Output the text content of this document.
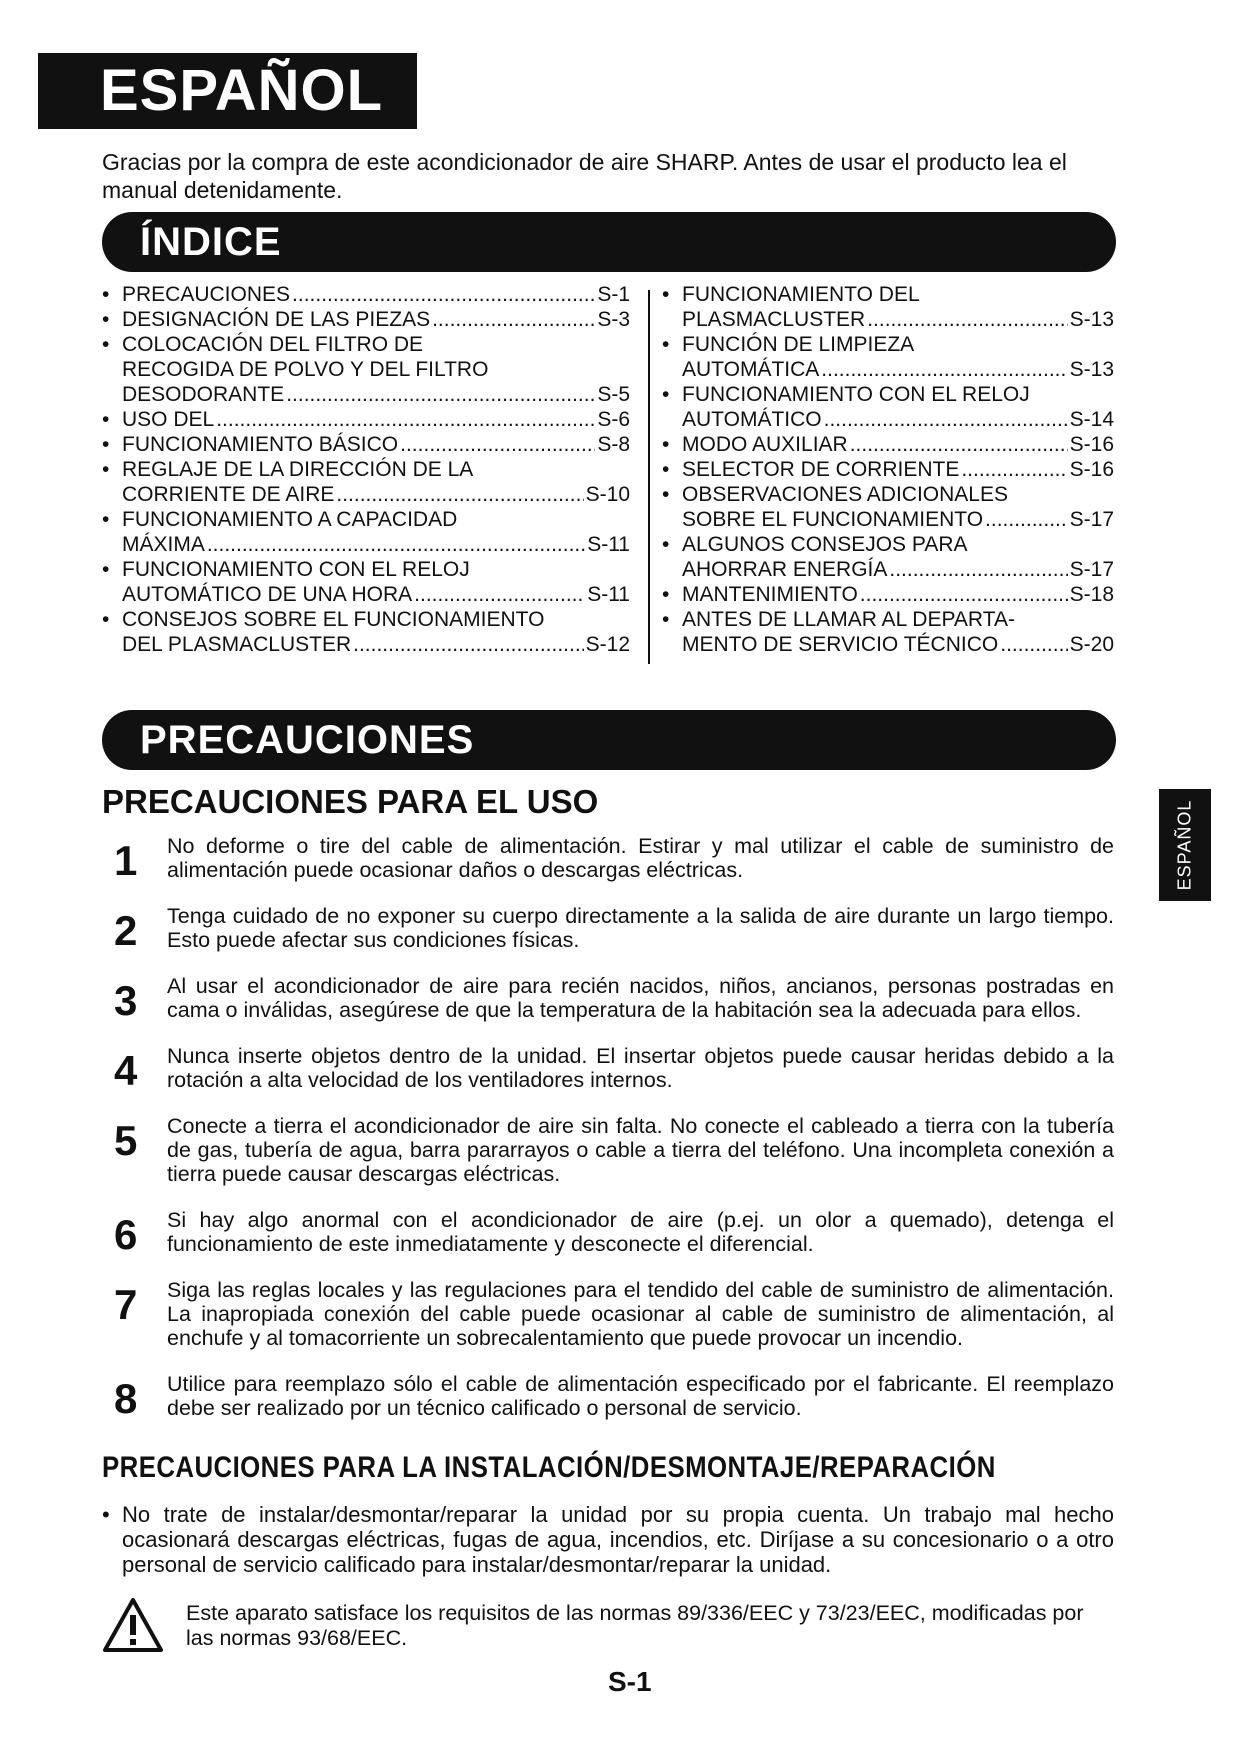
ESPAÑOL

Gracias por la compra de este acondicionador de aire SHARP. Antes de usar el producto lea el manual detenidamente.

ÍNDICE
• PRECAUCIONES .....	S-1
• DESIGNACIÓN DE LAS PIEZAS .....	S-3
• COLOCACIÓN DEL FILTRO DE
RECOGIDA DE POLVO Y DEL FILTRO
DESODORANTE .....	S-5
• USO DEL .....	S-6
• FUNCIONAMIENTO BÁSICO .....	S-8
• REGLAJE DE LA DIRECCIÓN DE LA
CORRIENTE DE AIRE .....	S-10
• FUNCIONAMIENTO A CAPACIDAD
MÁXIMA .....	S-11
• FUNCIONAMIENTO CON EL RELOJ
AUTOMÁTICO DE UNA HORA .....	S-11
• CONSEJOS SOBRE EL FUNCIONAMIENTO
DEL PLASMACLUSTER .....	S-12
• FUNCIONAMIENTO DEL
PLASMACLUSTER .....	S-13
• FUNCIÓN DE LIMPIEZA
AUTOMÁTICA .....	S-13
• FUNCIONAMIENTO CON EL RELOJ
AUTOMÁTICO .....	S-14
• MODO AUXILIAR .....	S-16
• SELECTOR DE CORRIENTE .....	S-16
• OBSERVACIONES ADICIONALES
SOBRE EL FUNCIONAMIENTO .....	S-17
• ALGUNOS CONSEJOS PARA
AHORRAR ENERGÍA .....	S-17
• MANTENIMIENTO .....	S-18
• ANTES DE LLAMAR AL DEPARTA-
MENTO DE SERVICIO TÉCNICO .....	S-20
ESPAÑOL
PRECAUCIONES
PRECAUCIONES PARA EL USO
1 No deforme o tire del cable de alimentación. Estirar y mal utilizar el cable de suministro de alimentación puede ocasionar daños o descargas eléctricas.
2 Tenga cuidado de no exponer su cuerpo directamente a la salida de aire durante un largo tiempo. Esto puede afectar sus condiciones físicas.
3 Al usar el acondicionador de aire para recién nacidos, niños, ancianos, personas postradas en cama o inválidas, asegúrese de que la temperatura de la habitación sea la adecuada para ellos.
4 Nunca inserte objetos dentro de la unidad. El insertar objetos puede causar heridas debido a la rotación a alta velocidad de los ventiladores internos.
5 Conecte a tierra el acondicionador de aire sin falta. No conecte el cableado a tierra con la tubería de gas, tubería de agua, barra pararrayos o cable a tierra del teléfono. Una incompleta conexión a tierra puede causar descargas eléctricas.
6 Si hay algo anormal con el acondicionador de aire (p.ej. un olor a quemado), detenga el funcionamiento de este inmediatamente y desconecte el diferencial.
7 Siga las reglas locales y las regulaciones para el tendido del cable de suministro de alimentación. La inapropiada conexión del cable puede ocasionar al cable de suministro de alimentación, al enchufe y al tomacorriente un sobrecalentamiento que puede provocar un incendio.
8 Utilice para reemplazo sólo el cable de alimentación especificado por el fabricante. El reemplazo debe ser realizado por un técnico calificado o personal de servicio.
PRECAUCIONES PARA LA INSTALACIÓN/DESMONTAJE/REPARACIÓN

• No trate de instalar/desmontar/reparar la unidad por su propia cuenta. Un trabajo mal hecho ocasionará descargas eléctricas, fugas de agua, incendios, etc. Diríjase a su concesionario o a otro personal de servicio calificado para instalar/desmontar/reparar la unidad.

Este aparato satisface los requisitos de las normas 89/336/EEC y 73/23/EEC, modificadas por las normas 93/68/EEC.

S-1
